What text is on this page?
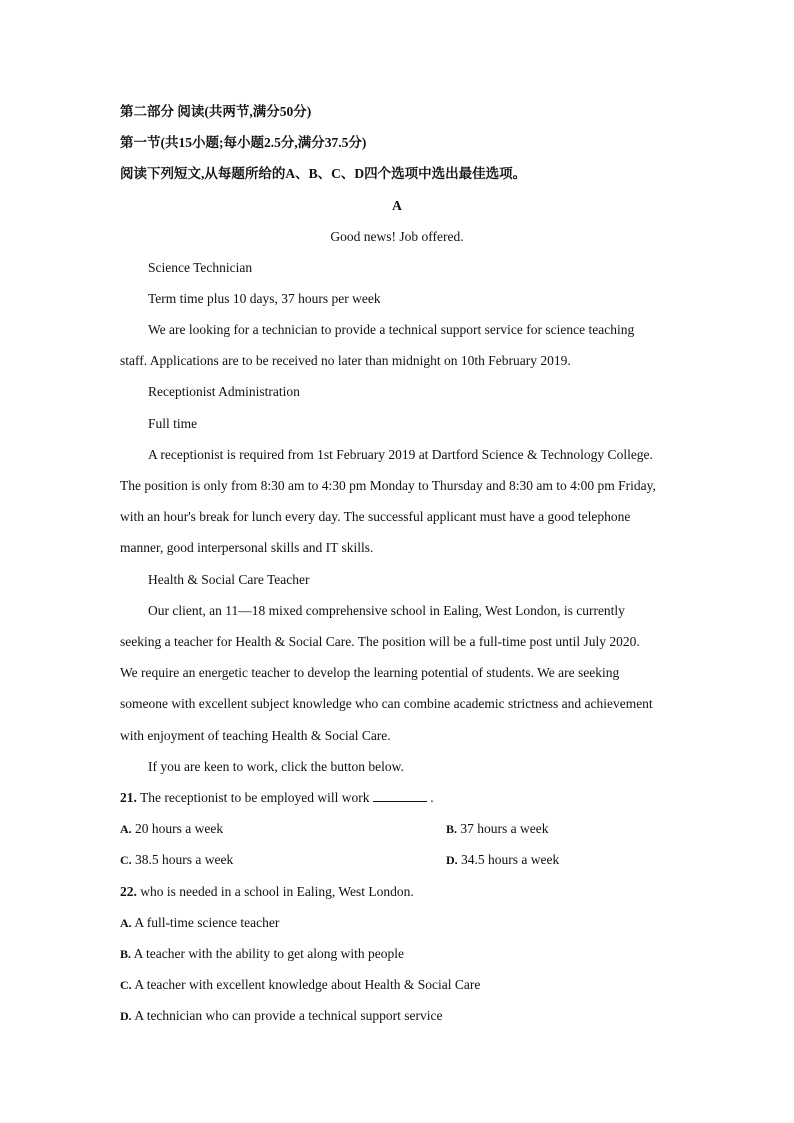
第二部分 阅读(共两节,满分50分)
第一节(共15小题;每小题2.5分,满分37.5分)
阅读下列短文,从每题所给的A、B、C、D四个选项中选出最佳选项。
A
Good news! Job offered.
Science Technician
Term time plus 10 days, 37 hours per week
We are looking for a technician to provide a technical support service for science teaching
staff. Applications are to be received no later than midnight on 10th February 2019.
Receptionist Administration
Full time
A receptionist is required from 1st February 2019 at Dartford Science & Technology College.
The position is only from 8:30 am to 4:30 pm Monday to Thursday and 8:30 am to 4:00 pm Friday,
with an hour's break for lunch every day. The successful applicant must have a good telephone
manner, good interpersonal skills and IT skills.
Health & Social Care Teacher
Our client, an 11—18 mixed comprehensive school in Ealing, West London, is currently
seeking a teacher for Health & Social Care. The position will be a full-time post until July 2020.
We require an energetic teacher to develop the learning potential of students. We are seeking
someone with excellent subject knowledge who can combine academic strictness and achievement
with enjoyment of teaching Health & Social Care.
If you are keen to work, click the button below.
21. The receptionist to be employed will work	.
A. 20 hours a week	B. 37 hours a week
C. 38.5 hours a week	D. 34.5 hours a week
22. who is needed in a school in Ealing, West London.
A. A full-time science teacher
B. A teacher with the ability to get along with people
C. A teacher with excellent knowledge about Health & Social Care
D. A technician who can provide a technical support service
